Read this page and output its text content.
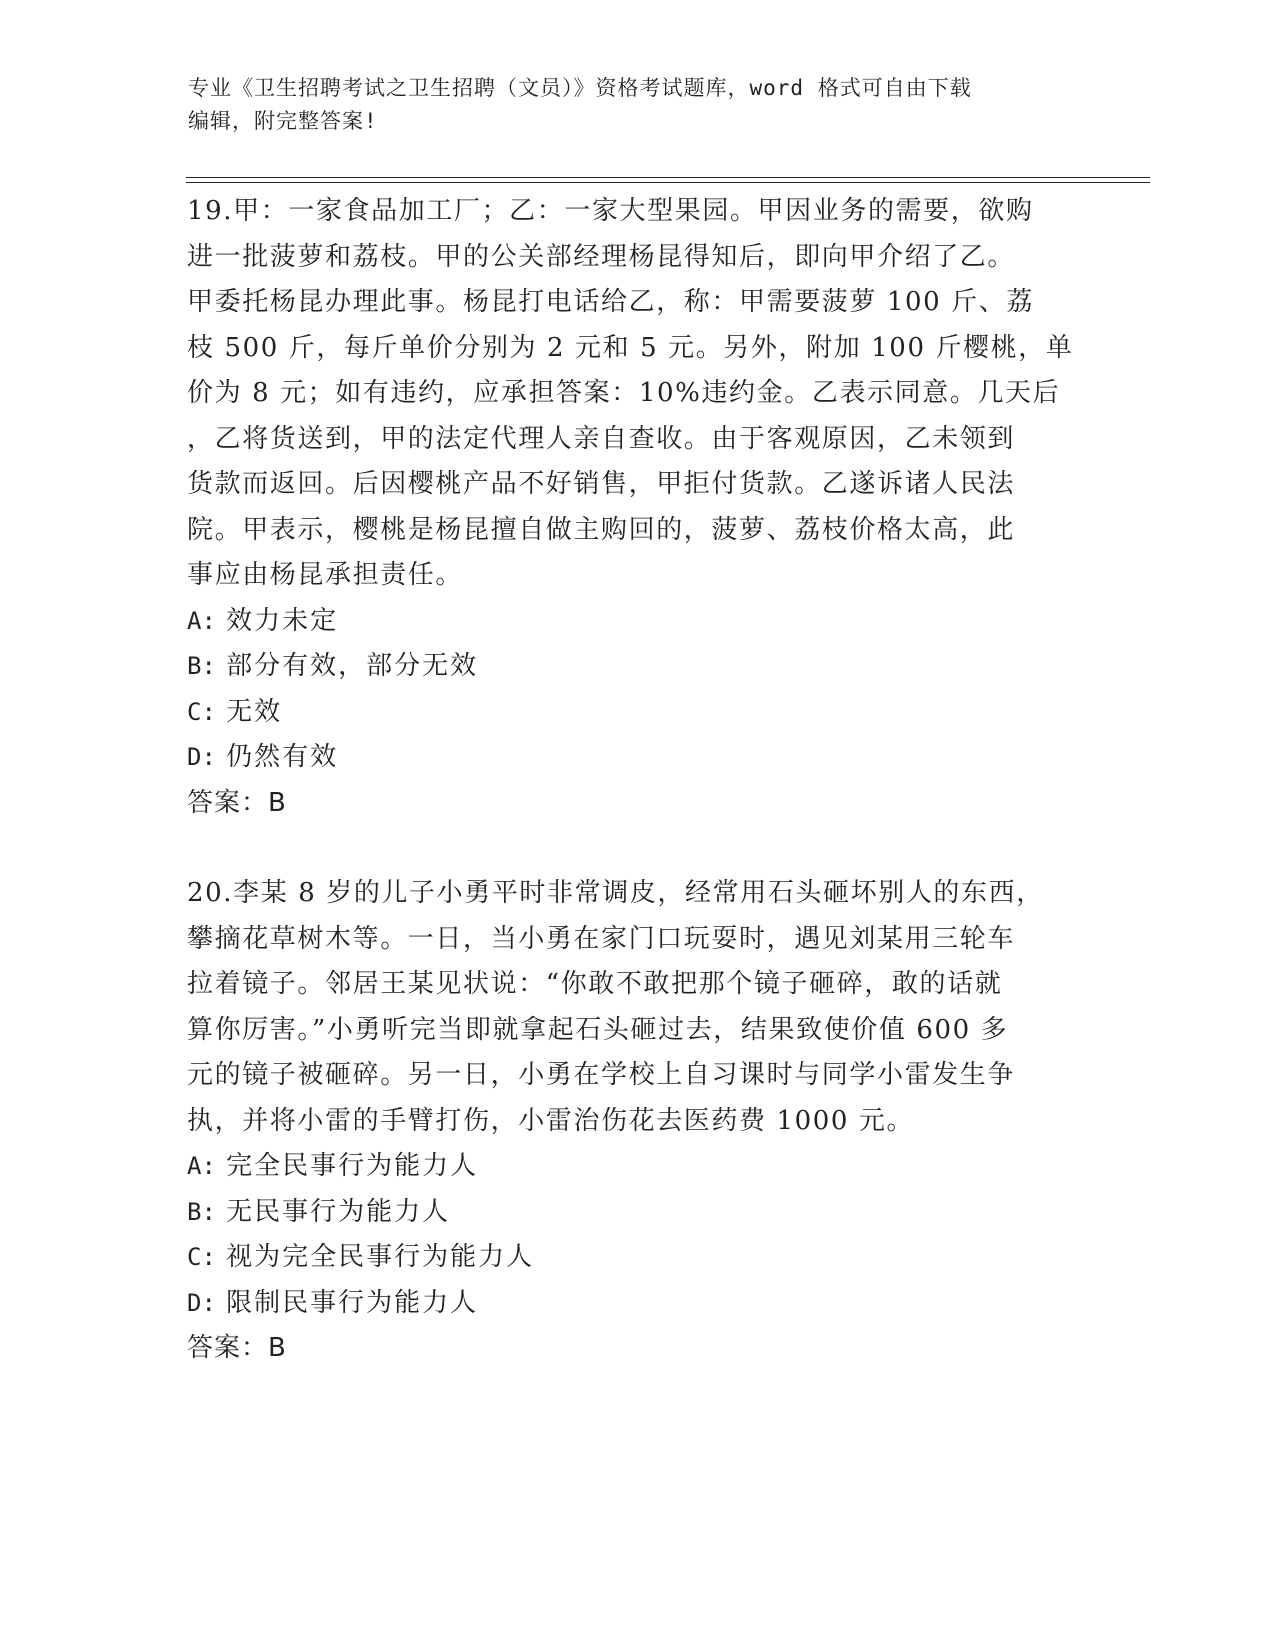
专业《卫生招聘考试之卫生招聘（文员）》资格考试题库，word 格式可自由下载
编辑，附完整答案!
19.甲：一家食品加工厂；乙：一家大型果园。甲因业务的需要，欲购
进一批菠萝和荔枝。甲的公关部经理杨昆得知后，即向甲介绍了乙。
甲委托杨昆办理此事。杨昆打电话给乙，称：甲需要菠萝 100 斤、荔
枝 500 斤，每斤单价分别为 2 元和 5 元。另外，附加 100 斤樱桃，单
价为 8 元；如有违约，应承担答案：10%违约金。乙表示同意。几天后
，乙将货送到，甲的法定代理人亲自查收。由于客观原因，乙未领到
货款而返回。后因樱桃产品不好销售，甲拒付货款。乙遂诉诸人民法
院。甲表示，樱桃是杨昆擅自做主购回的，菠萝、荔枝价格太高，此
事应由杨昆承担责任。
A: 效力未定
B: 部分有效，部分无效
C: 无效
D: 仍然有效
答案：B
20.李某 8 岁的儿子小勇平时非常调皮，经常用石头砸坏别人的东西，
攀摘花草树木等。一日，当小勇在家门口玩耍时，遇见刘某用三轮车
拉着镜子。邻居王某见状说：“你敢不敢把那个镜子砸碎，敢的话就
算你厉害。”小勇听完当即就拿起石头砸过去，结果致使价值 600 多
元的镜子被砸碎。另一日，小勇在学校上自习课时与同学小雷发生争
执，并将小雷的手臂打伤，小雷治伤花去医药费 1000 元。
A: 完全民事行为能力人
B: 无民事行为能力人
C: 视为完全民事行为能力人
D: 限制民事行为能力人
答案：B
